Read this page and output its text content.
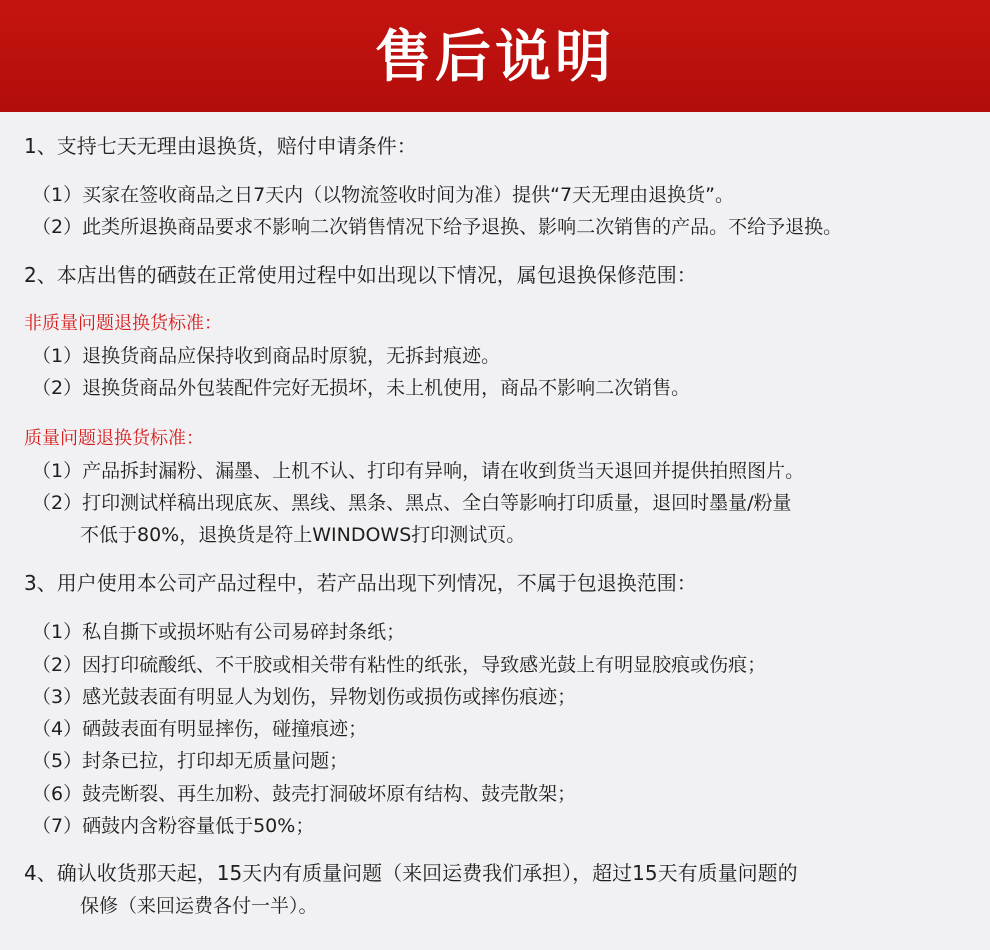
售后说明
1、支持七天无理由退换货，赔付申请条件：
（1）买家在签收商品之日7天内（以物流签收时间为准）提供“7天无理由退换货”。
（2）此类所退换商品要求不影响二次销售情况下给予退换、影响二次销售的产品。不给予退换。
2、本店出售的硒鼓在正常使用过程中如出现以下情况，属包退换保修范围：
非质量问题退换货标准：
（1）退换货商品应保持收到商品时原貌，无拆封痕迹。
（2）退换货商品外包装配件完好无损坏，未上机使用，商品不影响二次销售。
质量问题退换货标准：
（1）产品拆封漏粉、漏墨、上机不认、打印有异响，请在收到货当天退回并提供拍照图片。
（2）打印测试样稿出现底灰、黑线、黑条、黑点、全白等影响打印质量，退回时墨量/粉量
不低于80%，退换货是符上WINDOWS打印测试页。
3、用户使用本公司产品过程中，若产品出现下列情况，不属于包退换范围：
（1）私自撕下或损坏贴有公司易碎封条纸；
（2）因打印硫酸纸、不干胶或相关带有粘性的纸张，导致感光鼓上有明显胶痕或伤痕；
（3）感光鼓表面有明显人为划伤，异物划伤或损伤或摔伤痕迹；
（4）硒鼓表面有明显摔伤，碰撞痕迹；
（5）封条已拉，打印却无质量问题；
（6）鼓壳断裂、再生加粉、鼓壳打洞破坏原有结构、鼓壳散架；
（7）硒鼓内含粉容量低于50%；
4、确认收货那天起，15天内有质量问题（来回运费我们承担），超过15天有质量问题的
保修（来回运费各付一半）。
